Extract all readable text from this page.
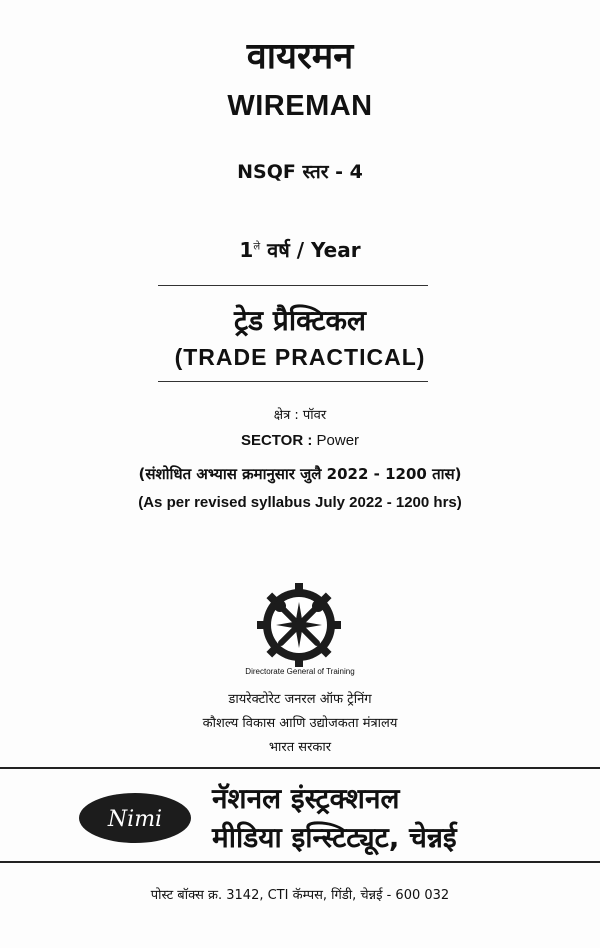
वायरमन
WIREMAN
NSQF स्तर - 4
$1^{ले}$ वर्ष / Year
ट्रेड प्रैक्टिकल
(TRADE PRACTICAL)
क्षेत्र : पॉवर
SECTOR : Power
(संशोधित अभ्यास क्रमानुसार जुलै 2022 - 1200 तास)
(As per revised syllabus July 2022 - 1200 hrs)
Directorate General of Training
डायरेक्टोरेट जनरल ऑफ ट्रेनिंग
कौशल्य विकास आणि उद्योजकता मंत्रालय
भारत सरकार
Nimi
नॅशनल इंस्ट्रक्शनल
मीडिया इन्स्टिट्यूट, चेन्नई
पोस्ट बॉक्स क्र. 3142, CTI कॅम्पस, गिंडी, चेन्नई - 600 032
